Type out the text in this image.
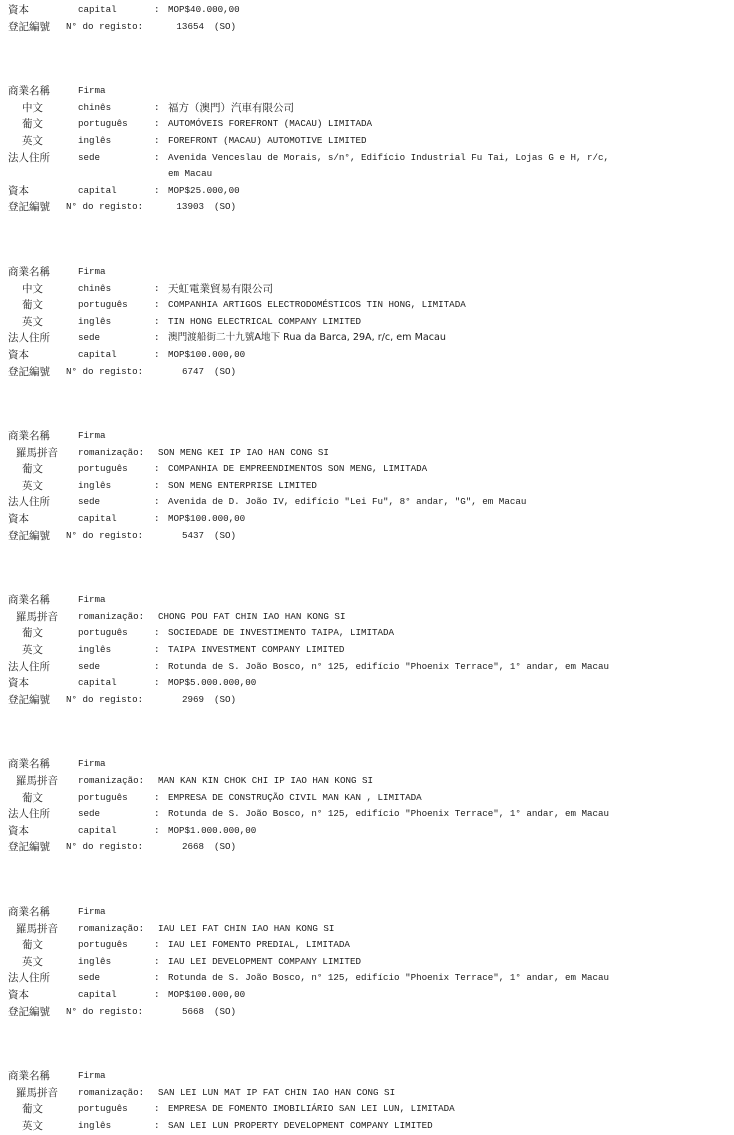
資本	capital	: MOP$40.000,00
登記編號	N° do registo:	13654	(SO)
商業名稱	Firma
中文	chinês	: 福方（澳門）汽車有限公司
葡文	português	: AUTOMÓVEIS FOREFRONT (MACAU) LIMITADA
英文	inglês	: FOREFRONT (MACAU) AUTOMOTIVE LIMITED
法人住所	sede	: Avenida Venceslau de Morais, s/n°, Edifício Industrial Fu Tai, Lojas G e H, r/c,
em Macau
資本	capital	: MOP$25.000,00
登記編號	N° do registo:	13903	(SO)
商業名稱	Firma
中文	chinês	: 天虹電業貿易有限公司
葡文	português	: COMPANHIA ARTIGOS ELECTRODOMÉSTICOS TIN HONG, LIMITADA
英文	inglês	: TIN HONG ELECTRICAL COMPANY LIMITED
法人住所	sede	: 澳門渡船街二十九號A地下 Rua da Barca, 29A, r/c, em Macau
資本	capital	: MOP$100.000,00
登記編號	N° do registo:	6747	(SO)
商業名稱	Firma
羅馬拼音	romanização:	SON MENG KEI IP IAO HAN CONG SI
葡文	português	: COMPANHIA DE EMPREENDIMENTOS SON MENG, LIMITADA
英文	inglês	: SON MENG ENTERPRISE LIMITED
法人住所	sede	: Avenida de D. João IV, edifício "Lei Fu", 8° andar, "G", em Macau
資本	capital	: MOP$100.000,00
登記編號	N° do registo:	5437	(SO)
商業名稱	Firma
羅馬拼音	romanização:	CHONG POU FAT CHIN IAO HAN KONG SI
葡文	português	: SOCIEDADE DE INVESTIMENTO TAIPA, LIMITADA
英文	inglês	: TAIPA INVESTMENT COMPANY LIMITED
法人住所	sede	: Rotunda de S. João Bosco, n° 125, edifício "Phoenix Terrace", 1° andar, em Macau
資本	capital	: MOP$5.000.000,00
登記編號	N° do registo:	2969	(SO)
商業名稱	Firma
羅馬拼音	romanização:	MAN KAN KIN CHOK CHI IP IAO HAN KONG SI
葡文	português	: EMPRESA DE CONSTRUÇÃO CIVIL MAN KAN , LIMITADA
法人住所	sede	: Rotunda de S. João Bosco, n° 125, edifício "Phoenix Terrace", 1° andar, em Macau
資本	capital	: MOP$1.000.000,00
登記編號	N° do registo:	2668	(SO)
商業名稱	Firma
羅馬拼音	romanização:	IAU LEI FAT CHIN IAO HAN KONG SI
葡文	português	: IAU LEI FOMENTO PREDIAL, LIMITADA
英文	inglês	: IAU LEI DEVELOPMENT COMPANY LIMITED
法人住所	sede	: Rotunda de S. João Bosco, n° 125, edifício "Phoenix Terrace", 1° andar, em Macau
資本	capital	: MOP$100.000,00
登記編號	N° do registo:	5668	(SO)
商業名稱	Firma
羅馬拼音	romanização:	SAN LEI LUN MAT IP FAT CHIN IAO HAN CONG SI
葡文	português	: EMPRESA DE FOMENTO IMOBILIÁRIO SAN LEI LUN, LIMITADA
英文	inglês	: SAN LEI LUN PROPERTY DEVELOPMENT COMPANY LIMITED
